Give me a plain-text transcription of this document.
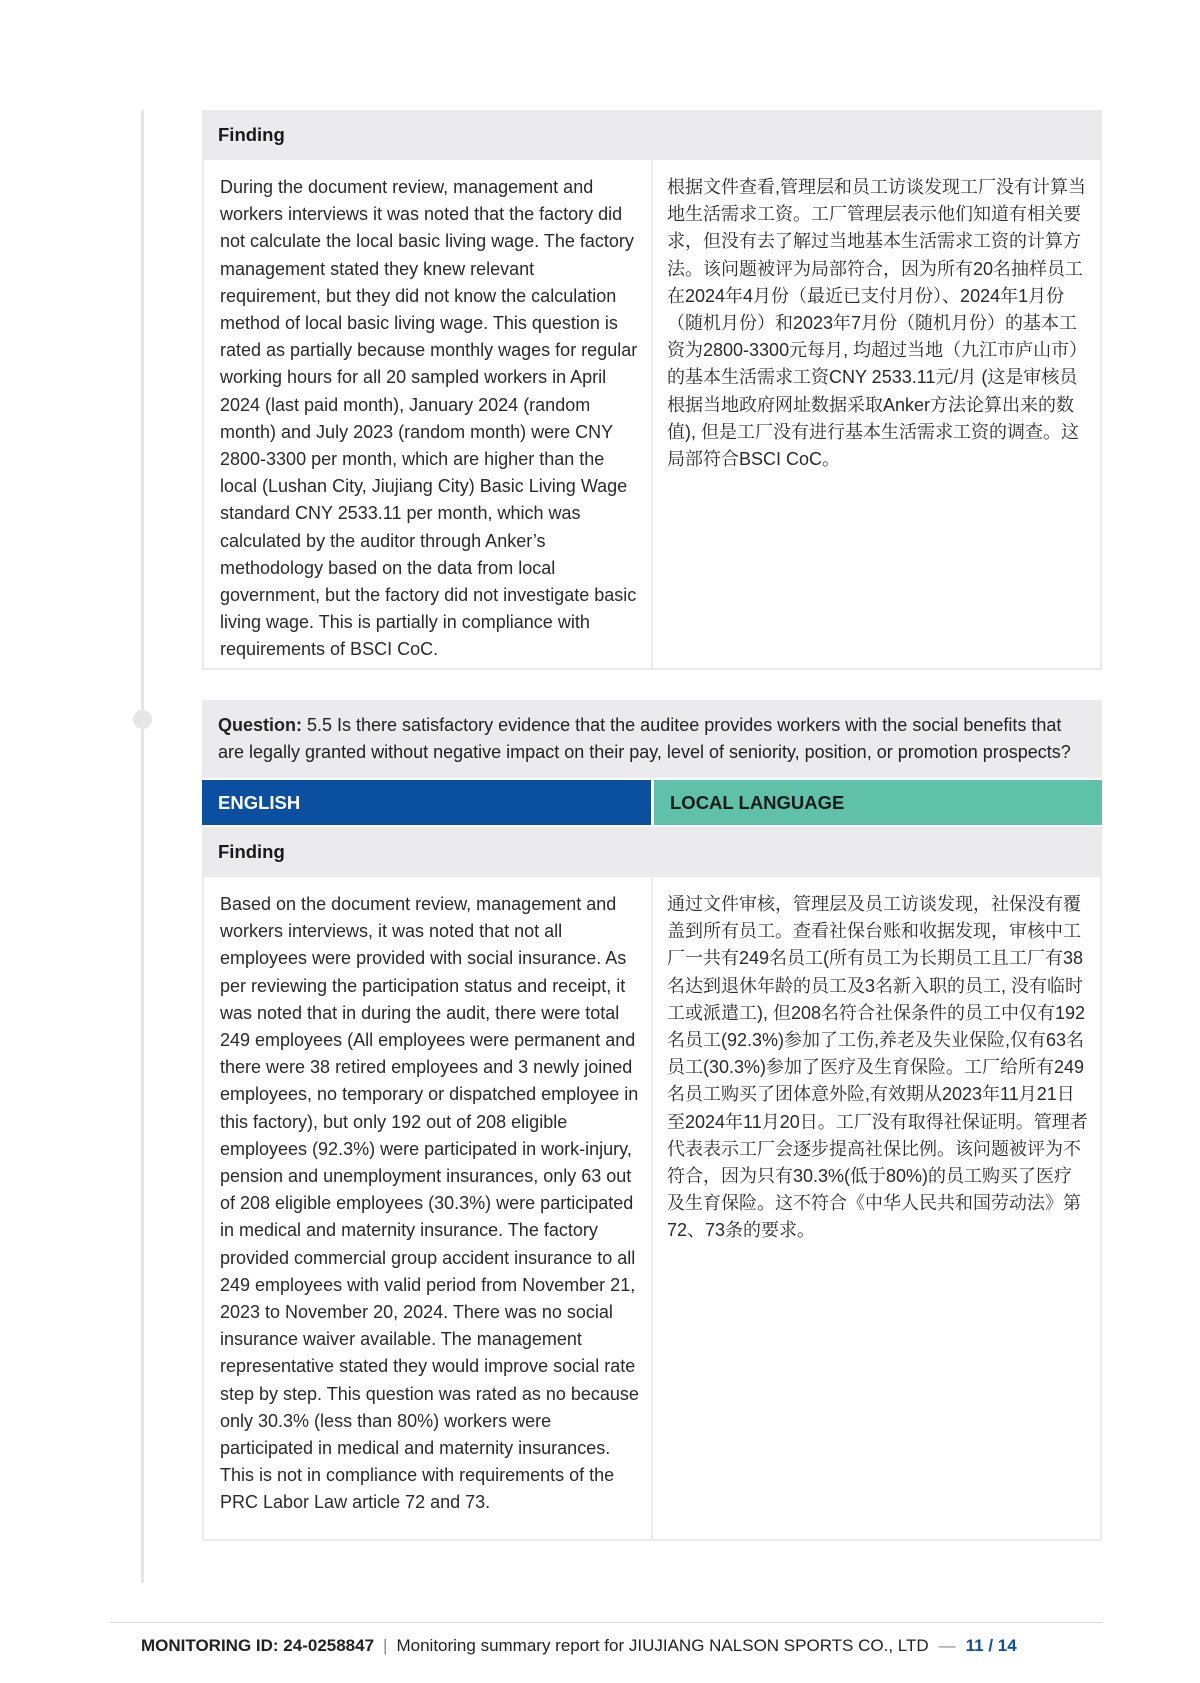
Finding

During the document review, management and workers interviews it was noted that the factory did not calculate the local basic living wage. The factory management stated they knew relevant requirement, but they did not know the calculation method of local basic living wage. This question is rated as partially because monthly wages for regular working hours for all 20 sampled workers in April 2024 (last paid month), January 2024 (random month) and July 2023 (random month) were CNY 2800-3300 per month, which are higher than the local (Lushan City, Jiujiang City) Basic Living Wage standard CNY 2533.11 per month, which was calculated by the auditor through Anker’s methodology based on the data from local government, but the factory did not investigate basic living wage. This is partially in compliance with requirements of BSCI CoC.

根据文件查看,管理层和员工访谈发现工厂没有计算当地生活需求工资。工厂管理层表示他们知道有相关要求，但没有去了解过当地基本生活需求工资的计算方法。该问题被评为局部符合，因为所有20名抽样员工在2024年4月份（最近已支付月份）、2024年1月份（随机月份）和2023年7月份（随机月份）的基本工资为2800-3300元每月, 均超过当地（九江市庐山市）的基本生活需求工资CNY 2533.11元/月 (这是审核员根据当地政府网址数据采取Anker方法论算出来的数值), 但是工厂没有进行基本生活需求工资的调查。这局部符合BSCI CoC。

Question: 5.5 Is there satisfactory evidence that the auditee provides workers with the social benefits that are legally granted without negative impact on their pay, level of seniority, position, or promotion prospects?
ENGLISH	LOCAL LANGUAGE
Finding

Based on the document review, management and workers interviews, it was noted that not all employees were provided with social insurance. As per reviewing the participation status and receipt, it was noted that in during the audit, there were total 249 employees (All employees were permanent and there were 38 retired employees and 3 newly joined employees, no temporary or dispatched employee in this factory), but only 192 out of 208 eligible employees (92.3%) were participated in work-injury, pension and unemployment insurances, only 63 out of 208 eligible employees (30.3%) were participated in medical and maternity insurance. The factory provided commercial group accident insurance to all 249 employees with valid period from November 21, 2023 to November 20, 2024. There was no social insurance waiver available. The management representative stated they would improve social rate step by step. This question was rated as no because only 30.3% (less than 80%) workers were participated in medical and maternity insurances. This is not in compliance with requirements of the PRC Labor Law article 72 and 73.

通过文件审核，管理层及员工访谈发现，社保没有覆盖到所有员工。查看社保台账和收据发现，审核中工厂一共有249名员工(所有员工为长期员工且工厂有38名达到退休年龄的员工及3名新入职的员工, 没有临时工或派遣工), 但208名符合社保条件的员工中仅有192名员工(92.3%)参加了工伤,养老及失业保险,仅有63名员工(30.3%)参加了医疗及生育保险。工厂给所有249名员工购买了团体意外险,有效期从2023年11月21日至2024年11月20日。工厂没有取得社保证明。管理者代表表示工厂会逐步提高社保比例。该问题被评为不符合，因为只有30.3%(低于80%)的员工购买了医疗及生育保险。这不符合《中华人民共和国劳动法》第72、73条的要求。

MONITORING ID: 24-0258847 | Monitoring summary report for JIUJIANG NALSON SPORTS CO., LTD — 11 / 14
